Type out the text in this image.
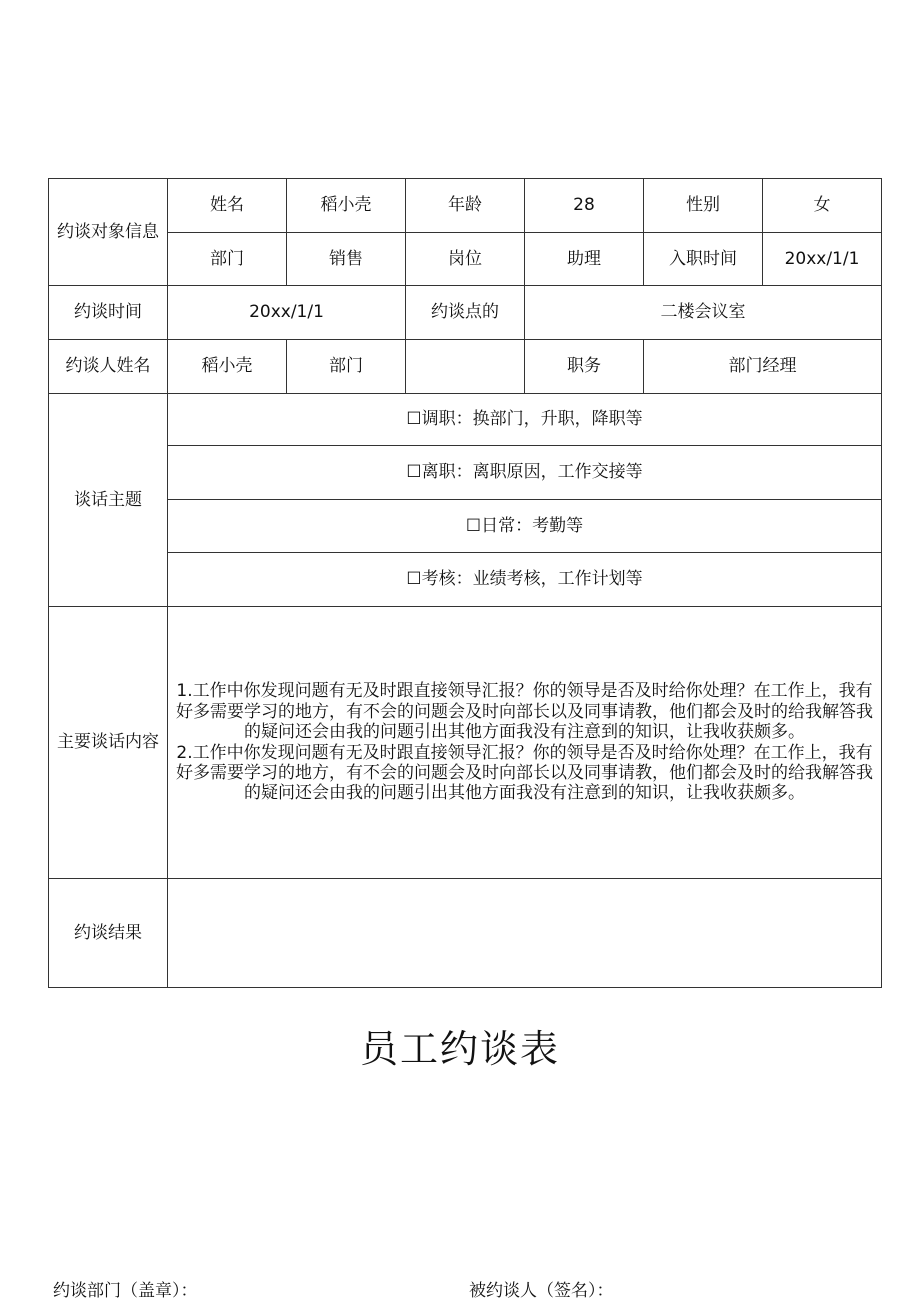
约谈对象信息	姓名	稻小壳	年龄	28	性别	女
	部门	销售	岗位	助理	入职时间	20xx/1/1
约谈时间	20xx/1/1		约谈点的	二楼会议室		
约谈人姓名	稻小壳	部门		职务	部门经理	
谈话主题	☐调职：换部门，升职，降职等					
	☐离职：离职原因，工作交接等					
	☐日常：考勤等					
	☐考核：业绩考核，工作计划等					
主要谈话内容	1.工作中你发现问题有无及时跟直接领导汇报？你的领导是否及时给你处理？在工作上，我有好多需要学习的地方，有不会的问题会及时向部长以及同事请教，他们都会及时的给我解答我的疑问还会由我的问题引出其他方面我没有注意到的知识，让我收获颇多。

2.工作中你发现问题有无及时跟直接领导汇报？你的领导是否及时给你处理？在工作上，我有好多需要学习的地方，有不会的问题会及时向部长以及同事请教，他们都会及时的给我解答我的疑问还会由我的问题引出其他方面我没有注意到的知识，让我收获颇多。					

约谈结果						
员工约谈表
约谈部门（盖章）：	被约谈人（签名）：
